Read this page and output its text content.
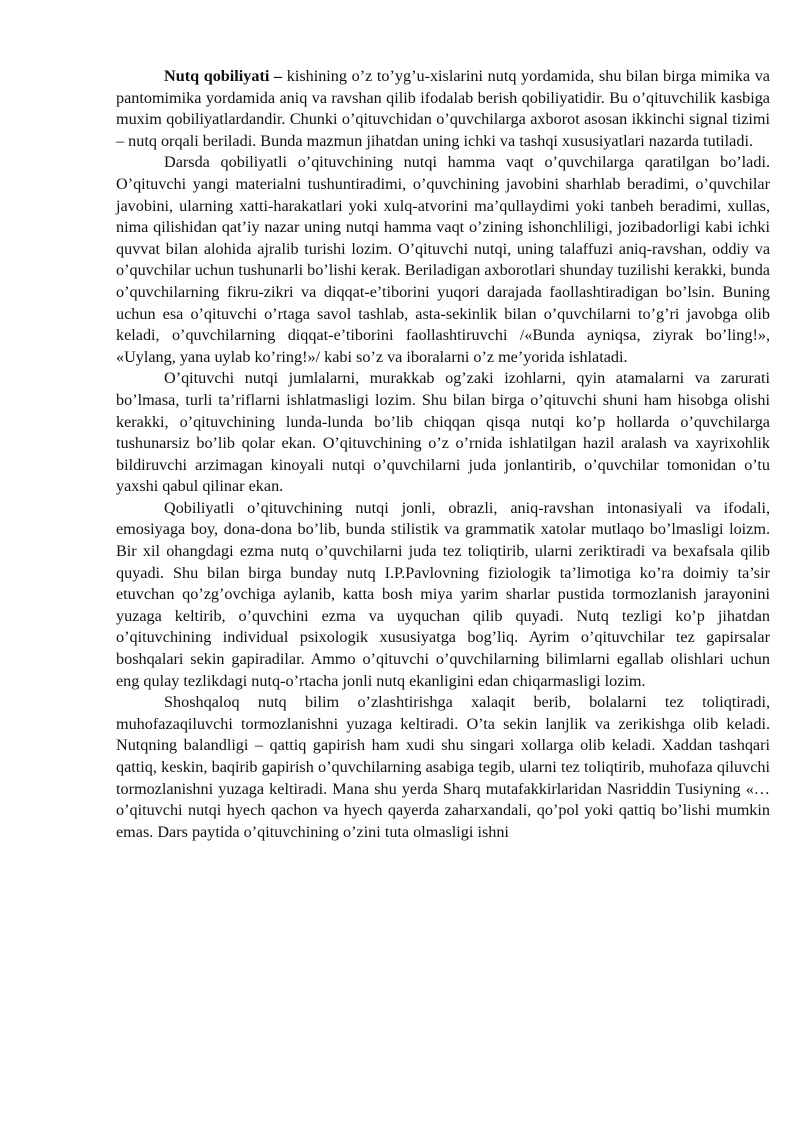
Nutq qobiliyati – kishining o’z to’yg’u-xislarini nutq yordamida, shu bilan birga mimika va pantomimika yordamida aniq va ravshan qilib ifodalab berish qobiliyatidir. Bu o’qituvchilik kasbiga muxim qobiliyatlardandir. Chunki o’qituvchidan o’quvchilarga axborot asosan ikkinchi signal tizimi – nutq orqali beriladi. Bunda mazmun jihatdan uning ichki va tashqi xususiyatlari nazarda tutiladi.

Darsda qobiliyatli o’qituvchining nutqi hamma vaqt o’quvchilarga qaratilgan bo’ladi. O’qituvchi yangi materialni tushuntiradimi, o’quvchining javobini sharhlab beradimi, o’quvchilar javobini, ularning xatti-harakatlari yoki xulq-atvorini ma’qullaydimi yoki tanbeh beradimi, xullas, nima qilishidan qat’iy nazar uning nutqi hamma vaqt o’zining ishonchliligi, jozibadorligi kabi ichki quvvat bilan alohida ajralib turishi lozim. O’qituvchi nutqi, uning talaffuzi aniq-ravshan, oddiy va o’quvchilar uchun tushunarli bo’lishi kerak. Beriladigan axborotlari shunday tuzilishi kerakki, bunda o’quvchilarning fikru-zikri va diqqat-e’tiborini yuqori darajada faollashtiradigan bo’lsin. Buning uchun esa o’qituvchi o’rtaga savol tashlab, asta-sekinlik bilan o’quvchilarni to’g’ri javobga olib keladi, o’quvchilarning diqqat-e’tiborini faollashtiruvchi /«Bunda ayniqsa, ziyrak bo’ling!», «Uylang, yana uylab ko’ring!»/ kabi so’z va iboralarni o’z me’yorida ishlatadi.

O’qituvchi nutqi jumlalarni, murakkab og’zaki izohlarni, qyin atamalarni va zarurati bo’lmasa, turli ta’riflarni ishlatmasligi lozim. Shu bilan birga o’qituvchi shuni ham hisobga olishi kerakki, o’qituvchining lunda-lunda bo’lib chiqqan qisqa nutqi ko’p hollarda o’quvchilarga tushunarsiz bo’lib qolar ekan. O’qituvchining o’z o’rnida ishlatilgan hazil aralash va xayrixohlik bildiruvchi arzimagan kinoyali nutqi o’quvchilarni juda jonlantirib, o’quvchilar tomonidan o’tu yaxshi qabul qilinar ekan.

Qobiliyatli o’qituvchining nutqi jonli, obrazli, aniq-ravshan intonasiyali va ifodali, emosiyaga boy, dona-dona bo’lib, bunda stilistik va grammatik xatolar mutlaqo bo’lmasligi loizm. Bir xil ohangdagi ezma nutq o’quvchilarni juda tez toliqtirib, ularni zeriktiradi va bexafsala qilib quyadi. Shu bilan birga bunday nutq I.P.Pavlovning fiziologik ta’limotiga ko’ra doimiy ta’sir etuvchan qo’zg’ovchiga aylanib, katta bosh miya yarim sharlar pustida tormozlanish jarayonini yuzaga keltirib, o’quvchini ezma va uyquchan qilib quyadi. Nutq tezligi ko’p jihatdan o’qituvchining individual psixologik xususiyatga bog’liq. Ayrim o’qituvchilar tez gapirsalar boshqalari sekin gapiradilar. Ammo o’qituvchi o’quvchilarning bilimlarni egallab olishlari uchun eng qulay tezlikdagi nutq-o’rtacha jonli nutq ekanligini edan chiqarmasligi lozim.

Shoshqaloq nutq bilim o’zlashtirishga xalaqit berib, bolalarni tez toliqtiradi, muhofazaqiluvchi tormozlanishni yuzaga keltiradi. O’ta sekin lanjlik va zerikishga olib keladi. Nutqning balandligi – qattiq gapirish ham xudi shu singari xollarga olib keladi. Xaddan tashqari qattiq, keskin, baqirib gapirish o’quvchilarning asabiga tegib, ularni tez toliqtirib, muhofaza qiluvchi tormozlanishni yuzaga keltiradi. Mana shu yerda Sharq mutafakkirlaridan Nasriddin Tusiyning «… o’qituvchi nutqi hyech qachon va hyech qayerda zaharxandali, qo’pol yoki qattiq bo’lishi mumkin emas. Dars paytida o’qituvchining o’zini tuta olmasligi ishni
